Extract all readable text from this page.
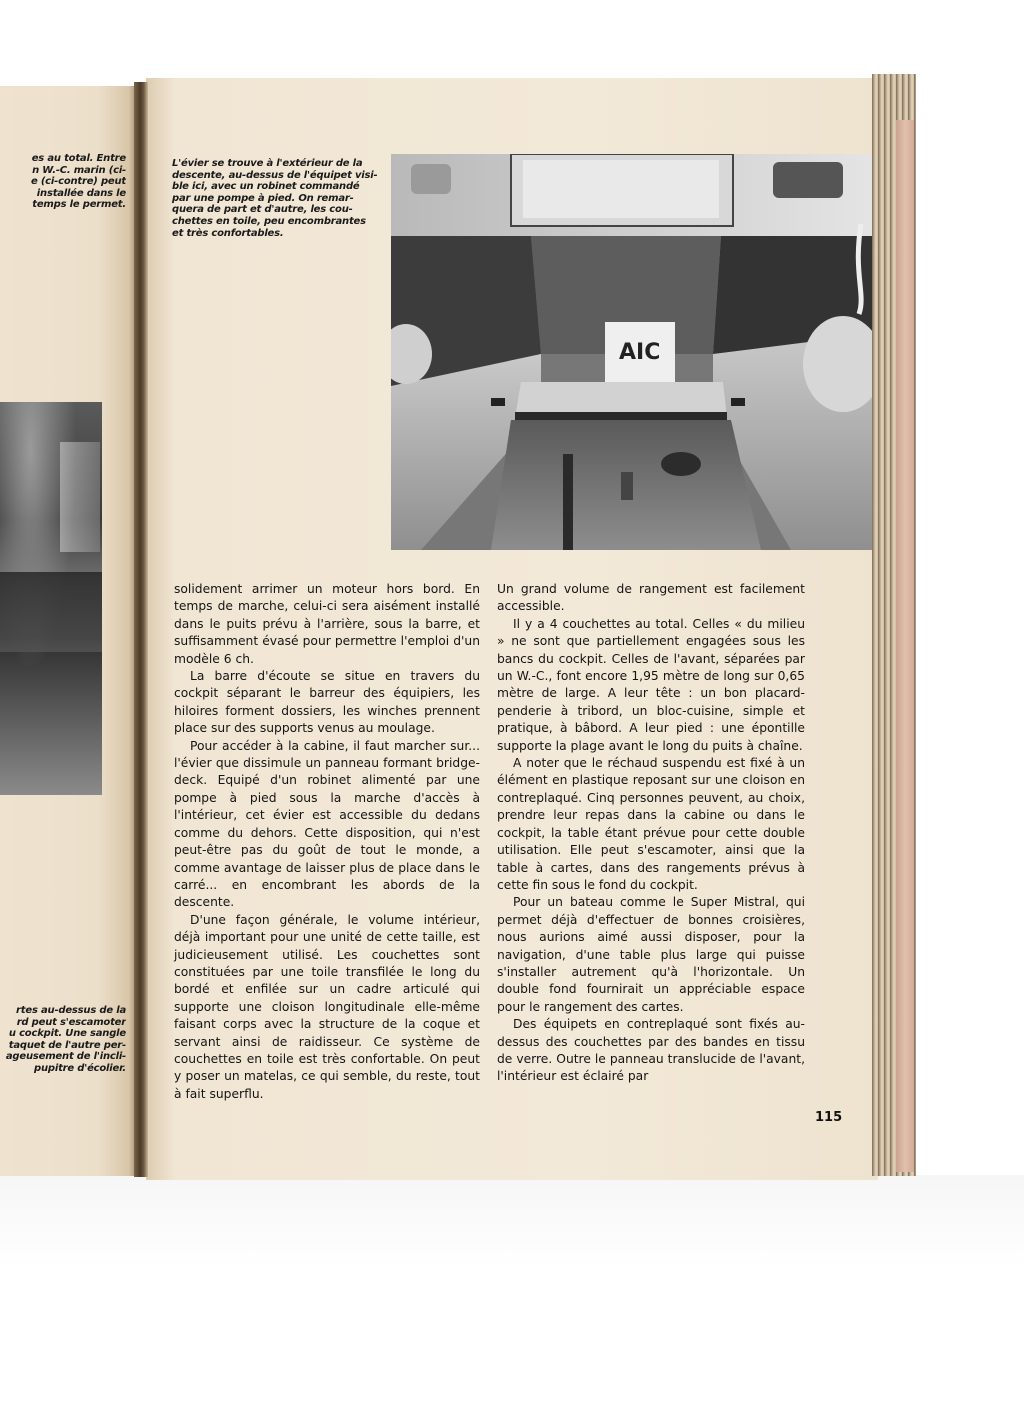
es au total. Entre
n W.-C. marin (ci-
e (ci-contre) peut
installée dans le
temps le permet.
rtes au-dessus de la
rd peut s'escamoter
u cockpit. Une sangle
taquet de l'autre per-
ageusement de l'incli-
pupitre d'écolier.
L'évier se trouve à l'extérieur de la
descente, au-dessus de l'équipet visi-
ble ici, avec un robinet commandé
par une pompe à pied. On remar-
quera de part et d'autre, les cou-
chettes en toile, peu encombrantes
et très confortables.
AIC

solidement arrimer un moteur hors bord. En temps de marche, celui-ci sera aisément installé dans le puits prévu à l'arrière, sous la barre, et suffisamment évasé pour permettre l'emploi d'un modèle 6 ch.

La barre d'écoute se situe en travers du cockpit séparant le barreur des équipiers, les hiloires forment dossiers, les winches prennent place sur des supports venus au moulage.

Pour accéder à la cabine, il faut marcher sur... l'évier que dissimule un panneau formant bridge-deck. Equipé d'un robinet alimenté par une pompe à pied sous la marche d'accès à l'intérieur, cet évier est accessible du dedans comme du dehors. Cette disposition, qui n'est peut-être pas du goût de tout le monde, a comme avantage de laisser plus de place dans le carré... en encombrant les abords de la descente.

D'une façon générale, le volume intérieur, déjà important pour une unité de cette taille, est judicieusement utilisé. Les couchettes sont constituées par une toile transfilée le long du bordé et enfilée sur un cadre articulé qui supporte une cloison longitudinale elle-même faisant corps avec la structure de la coque et servant ainsi de raidisseur. Ce système de couchettes en toile est très confortable. On peut y poser un matelas, ce qui semble, du reste, tout à fait superflu.

Un grand volume de rangement est facilement accessible.

Il y a 4 couchettes au total. Celles « du milieu » ne sont que partiellement engagées sous les bancs du cockpit. Celles de l'avant, séparées par un W.-C., font encore 1,95 mètre de long sur 0,65 mètre de large. A leur tête : un bon placard-penderie à tribord, un bloc-cuisine, simple et pratique, à bâbord. A leur pied : une épontille supporte la plage avant le long du puits à chaîne.

A noter que le réchaud suspendu est fixé à un élément en plastique reposant sur une cloison en contreplaqué. Cinq personnes peuvent, au choix, prendre leur repas dans la cabine ou dans le cockpit, la table étant prévue pour cette double utilisation. Elle peut s'escamoter, ainsi que la table à cartes, dans des rangements prévus à cette fin sous le fond du cockpit.

Pour un bateau comme le Super Mistral, qui permet déjà d'effectuer de bonnes croisières, nous aurions aimé aussi disposer, pour la navigation, d'une table plus large qui puisse s'installer autrement qu'à l'horizontale. Un double fond fournirait un appréciable espace pour le rangement des cartes.

Des équipets en contreplaqué sont fixés au-dessus des couchettes par des bandes en tissu de verre. Outre le panneau translucide de l'avant, l'intérieur est éclairé par

115
